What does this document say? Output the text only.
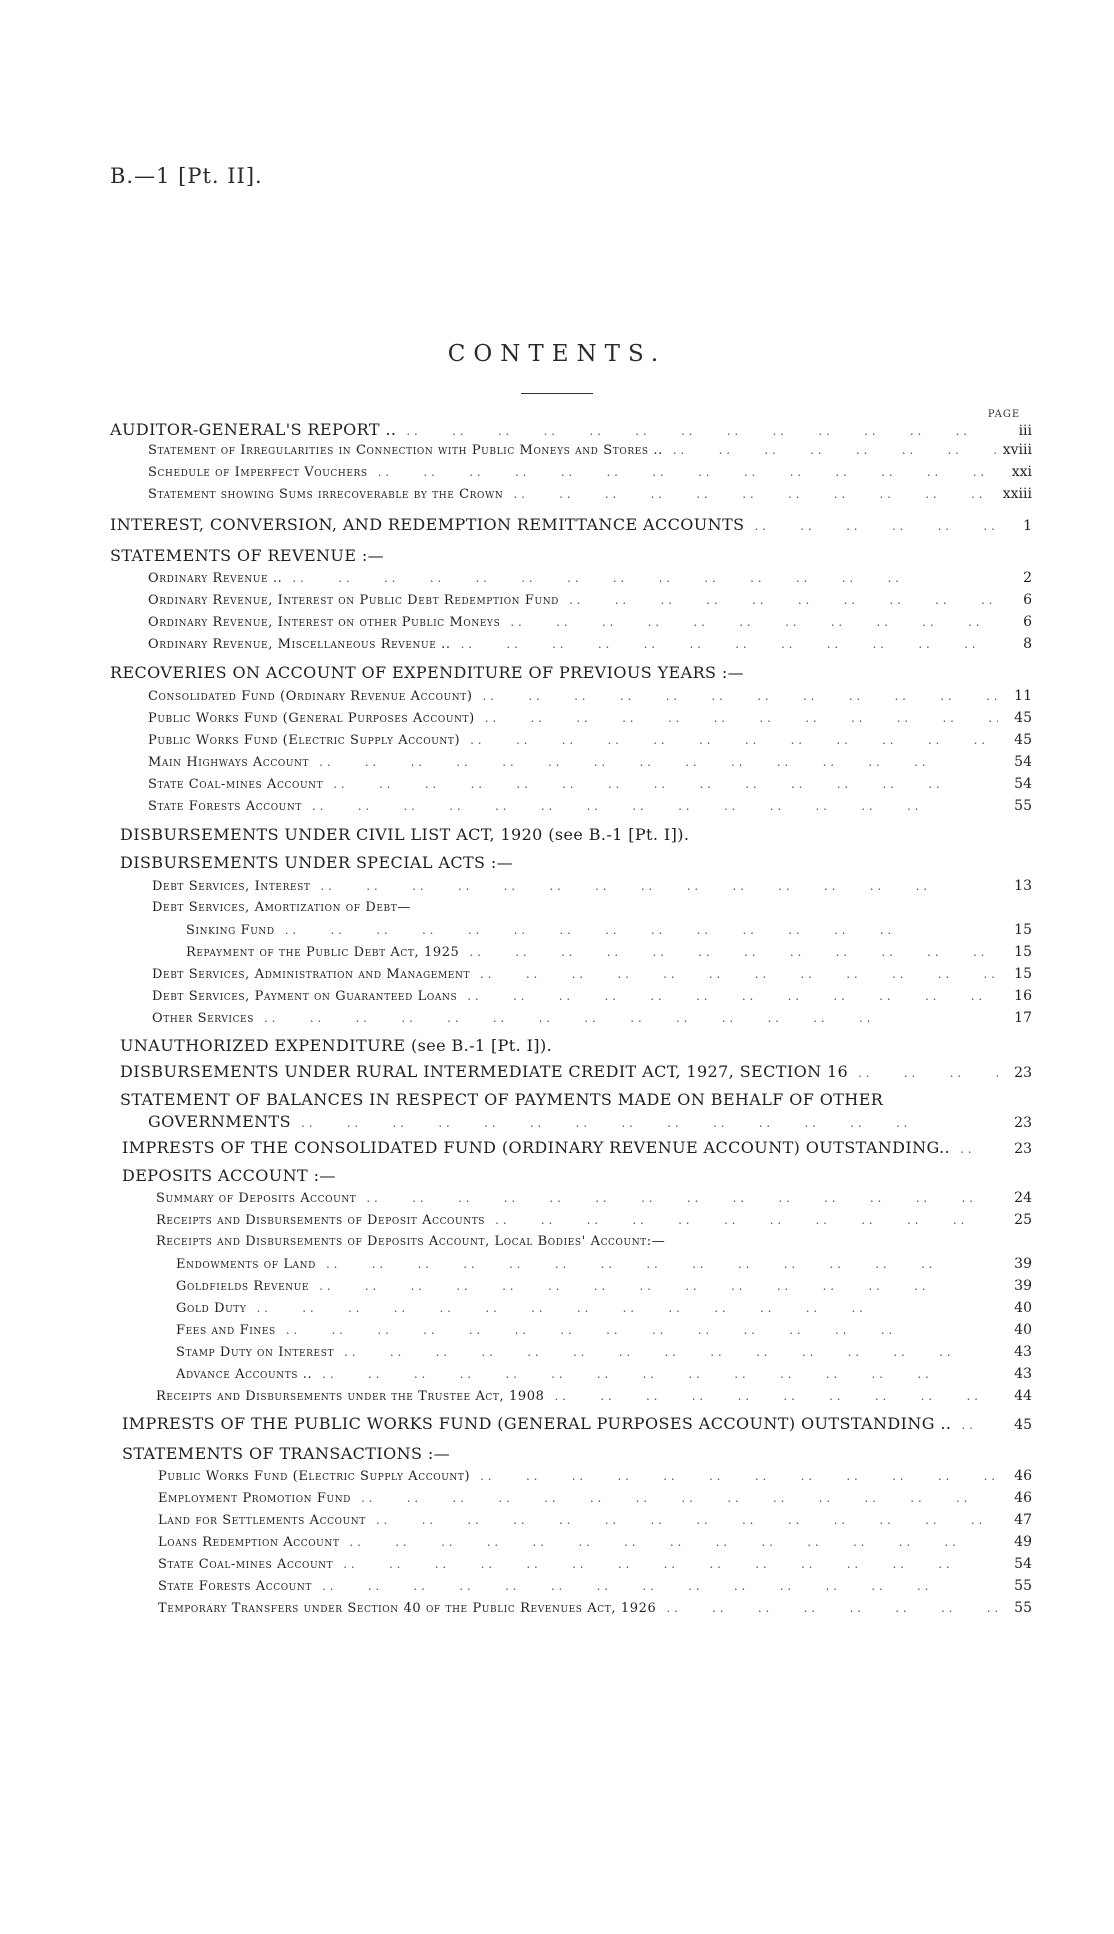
B.—1 [Pt. II].
CONTENTS.
PAGE
AUDITOR-GENERAL'S REPORT .. . .	iii
Statement of Irregularities in Connection with Public Moneys and Stores .. . .	xviii
Schedule of Imperfect Vouchers . .	xxi
Statement showing Sums irrecoverable by the Crown . .	xxiii
INTEREST, CONVERSION, AND REDEMPTION REMITTANCE ACCOUNTS . .	1
STATEMENTS OF REVENUE :—
Ordinary Revenue .. . .	2
Ordinary Revenue, Interest on Public Debt Redemption Fund . .	6
Ordinary Revenue, Interest on other Public Moneys . .	6
Ordinary Revenue, Miscellaneous Revenue .. . .	8
RECOVERIES ON ACCOUNT OF EXPENDITURE OF PREVIOUS YEARS :—
Consolidated Fund (Ordinary Revenue Account) . .	11
Public Works Fund (General Purposes Account) . .	45
Public Works Fund (Electric Supply Account) . .	45
Main Highways Account . .	54
State Coal-mines Account . .	54
State Forests Account . .	55
DISBURSEMENTS UNDER CIVIL LIST ACT, 1920 (see B.-1 [Pt. I]).
DISBURSEMENTS UNDER SPECIAL ACTS :—
Debt Services, Interest . .	13
Debt Services, Amortization of Debt—
Sinking Fund . .	15
Repayment of the Public Debt Act, 1925 . .	15
Debt Services, Administration and Management . .	15
Debt Services, Payment on Guaranteed Loans . .	16
Other Services . .	17
UNAUTHORIZED EXPENDITURE (see B.-1 [Pt. I]).
DISBURSEMENTS UNDER RURAL INTERMEDIATE CREDIT ACT, 1927, SECTION 16 . .	23
STATEMENT OF BALANCES IN RESPECT OF PAYMENTS MADE ON BEHALF OF OTHER
GOVERNMENTS . .	23
IMPRESTS OF THE CONSOLIDATED FUND (ORDINARY REVENUE ACCOUNT) OUTSTANDING.. . .	23
DEPOSITS ACCOUNT :—
Summary of Deposits Account . .	24
Receipts and Disbursements of Deposit Accounts . .	25
Receipts and Disbursements of Deposits Account, Local Bodies' Account:—
Endowments of Land . .	39
Goldfields Revenue . .	39
Gold Duty . .	40
Fees and Fines . .	40
Stamp Duty on Interest . .	43
Advance Accounts .. . .	43
Receipts and Disbursements under the Trustee Act, 1908 . .	44
IMPRESTS OF THE PUBLIC WORKS FUND (GENERAL PURPOSES ACCOUNT) OUTSTANDING .. . .	45
STATEMENTS OF TRANSACTIONS :—
Public Works Fund (Electric Supply Account) . .	46
Employment Promotion Fund . .	46
Land for Settlements Account . .	47
Loans Redemption Account . .	49
State Coal-mines Account . .	54
State Forests Account . .	55
Temporary Transfers under Section 40 of the Public Revenues Act, 1926 . .	55
